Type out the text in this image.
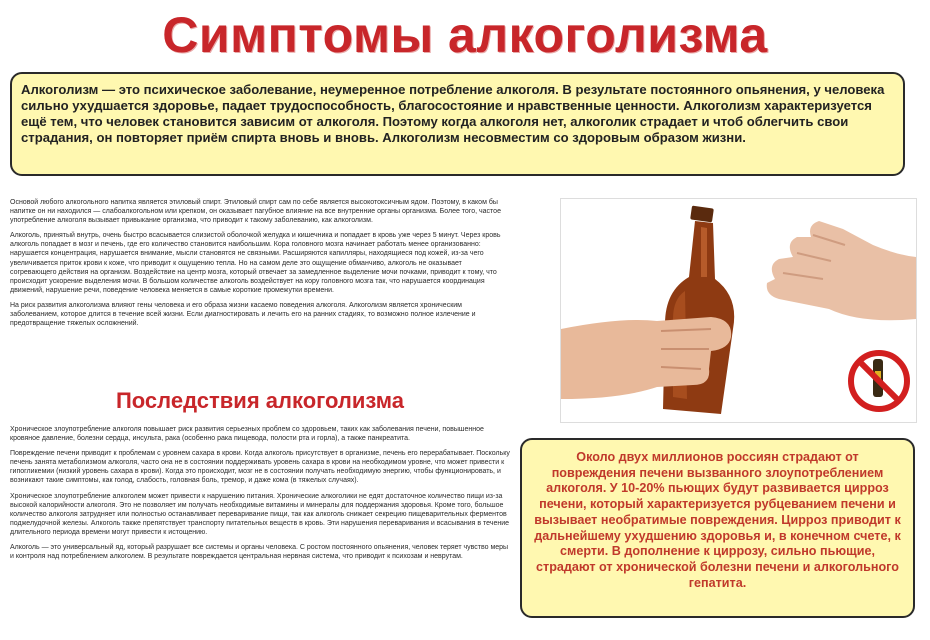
Симптомы алкоголизма
Алкоголизм — это психическое заболевание, неумеренное потребление алкоголя. В результате постоянного опьянения, у человека сильно ухудшается здоровье, падает трудоспособность, благосостояние и нравственные ценности. Алкоголизм характеризуется ещё тем, что человек становится зависим от алкоголя. Поэтому когда алкоголя нет, алкоголик страдает и чтоб облегчить свои страдания, он повторяет приём спирта вновь и вновь. Алкоголизм несовместим со здоровым образом жизни.

Основой любого алкогольного напитка является этиловый спирт. Этиловый спирт сам по себе является высокотоксичным ядом. Поэтому, в каком бы напитке он ни находился — слабоалкогольном или крепком, он оказывает пагубное влияние на все внутренние органы организма. Более того, частое употребление алкоголя вызывает привыкание организма, что приводит к такому заболеванию, как алкоголизм.

Алкоголь, принятый внутрь, очень быстро всасывается слизистой оболочкой желудка и кишечника и попадает в кровь уже через 5 минут. Через кровь алкоголь попадает в мозг и печень, где его количество становится наибольшим. Кора головного мозга начинает работать менее организованно: нарушается концентрация, нарушается внимание, мысли становятся не связными. Расширяются капилляры, находящиеся под кожей, из-за чего увеличивается приток крови к коже, что приводит к ощущению тепла. Но на самом деле это ощущение обманчиво, алкоголь не оказывает согревающего действия на организм. Воздействие на центр мозга, который отвечает за замедленное выделение мочи почками, приводит к тому, что происходит ускорение выделения мочи. В большом количестве алкоголь воздействует на кору головного мозга так, что нарушается координация движений, нарушение речи, поведение человека меняется в самые короткие промежутки времени.

На риск развития алкоголизма влияют гены человека и его образа жизни касаемо поведения алкоголя. Алкоголизм является хроническим заболеванием, которое длится в течение всей жизни. Если диагностировать и лечить его на ранних стадиях, то возможно полное излечение и предотвращение тяжелых осложнений.

Последствия алкоголизма

Хроническое злоупотребление алкоголя повышает риск развития серьезных проблем со здоровьем, таких как заболевания печени, повышенное кровяное давление, болезни сердца, инсульта, рака (особенно рака пищевода, полости рта и горла), а также панкреатита.

Повреждение печени приводит к проблемам с уровнем сахара в крови. Когда алкоголь присутствует в организме, печень его перерабатывает. Поскольку печень занята метаболизмом алкоголя, часто она не в состоянии поддерживать уровень сахара в крови на необходимом уровне, что может привести к гипогликемии (низкий уровень сахара в крови). Когда это происходит, мозг не в состоянии получать необходимую энергию, чтобы функционировать, и возникают такие симптомы, как голод, слабость, головная боль, тремор, и даже кома (в тяжелых случаях).

Хроническое злоупотребление алкоголем может привести к нарушению питания. Хронические алкоголики не едят достаточное количество пищи из-за высокой калорийности алкоголя. Это не позволяет им получать необходимые витамины и минералы для поддержания здоровья. Кроме того, большое количество алкоголя затрудняет или полностью останавливает переваривание пищи, так как алкоголь снижает секрецию пищеварительных ферментов поджелудочной железы. Алкоголь также препятствует транспорту питательных веществ в кровь. Эти нарушения переваривания и всасывания в течение длительного периода времени могут привести к истощению.

Алкоголь — это универсальный яд, который разрушает все системы и органы человека. С ростом постоянного опьянения, человек теряет чувство меры и контроля над потреблением алкоголем. В результате повреждается центральная нервная система, что приводит к психозам и неврутам.

Около двух миллионов россиян страдают от повреждения печени вызванного злоупотреблением алкоголя. У 10-20% пьющих будут развивается цирроз печени, который характеризуется рубцеванием печени и вызывает необратимые повреждения. Цирроз приводит к дальнейшему ухудшению здоровья и, в конечном счете, к смерти. В дополнение к циррозу, сильно пьющие, страдают от хронической болезни печени и алкогольного гепатита.
